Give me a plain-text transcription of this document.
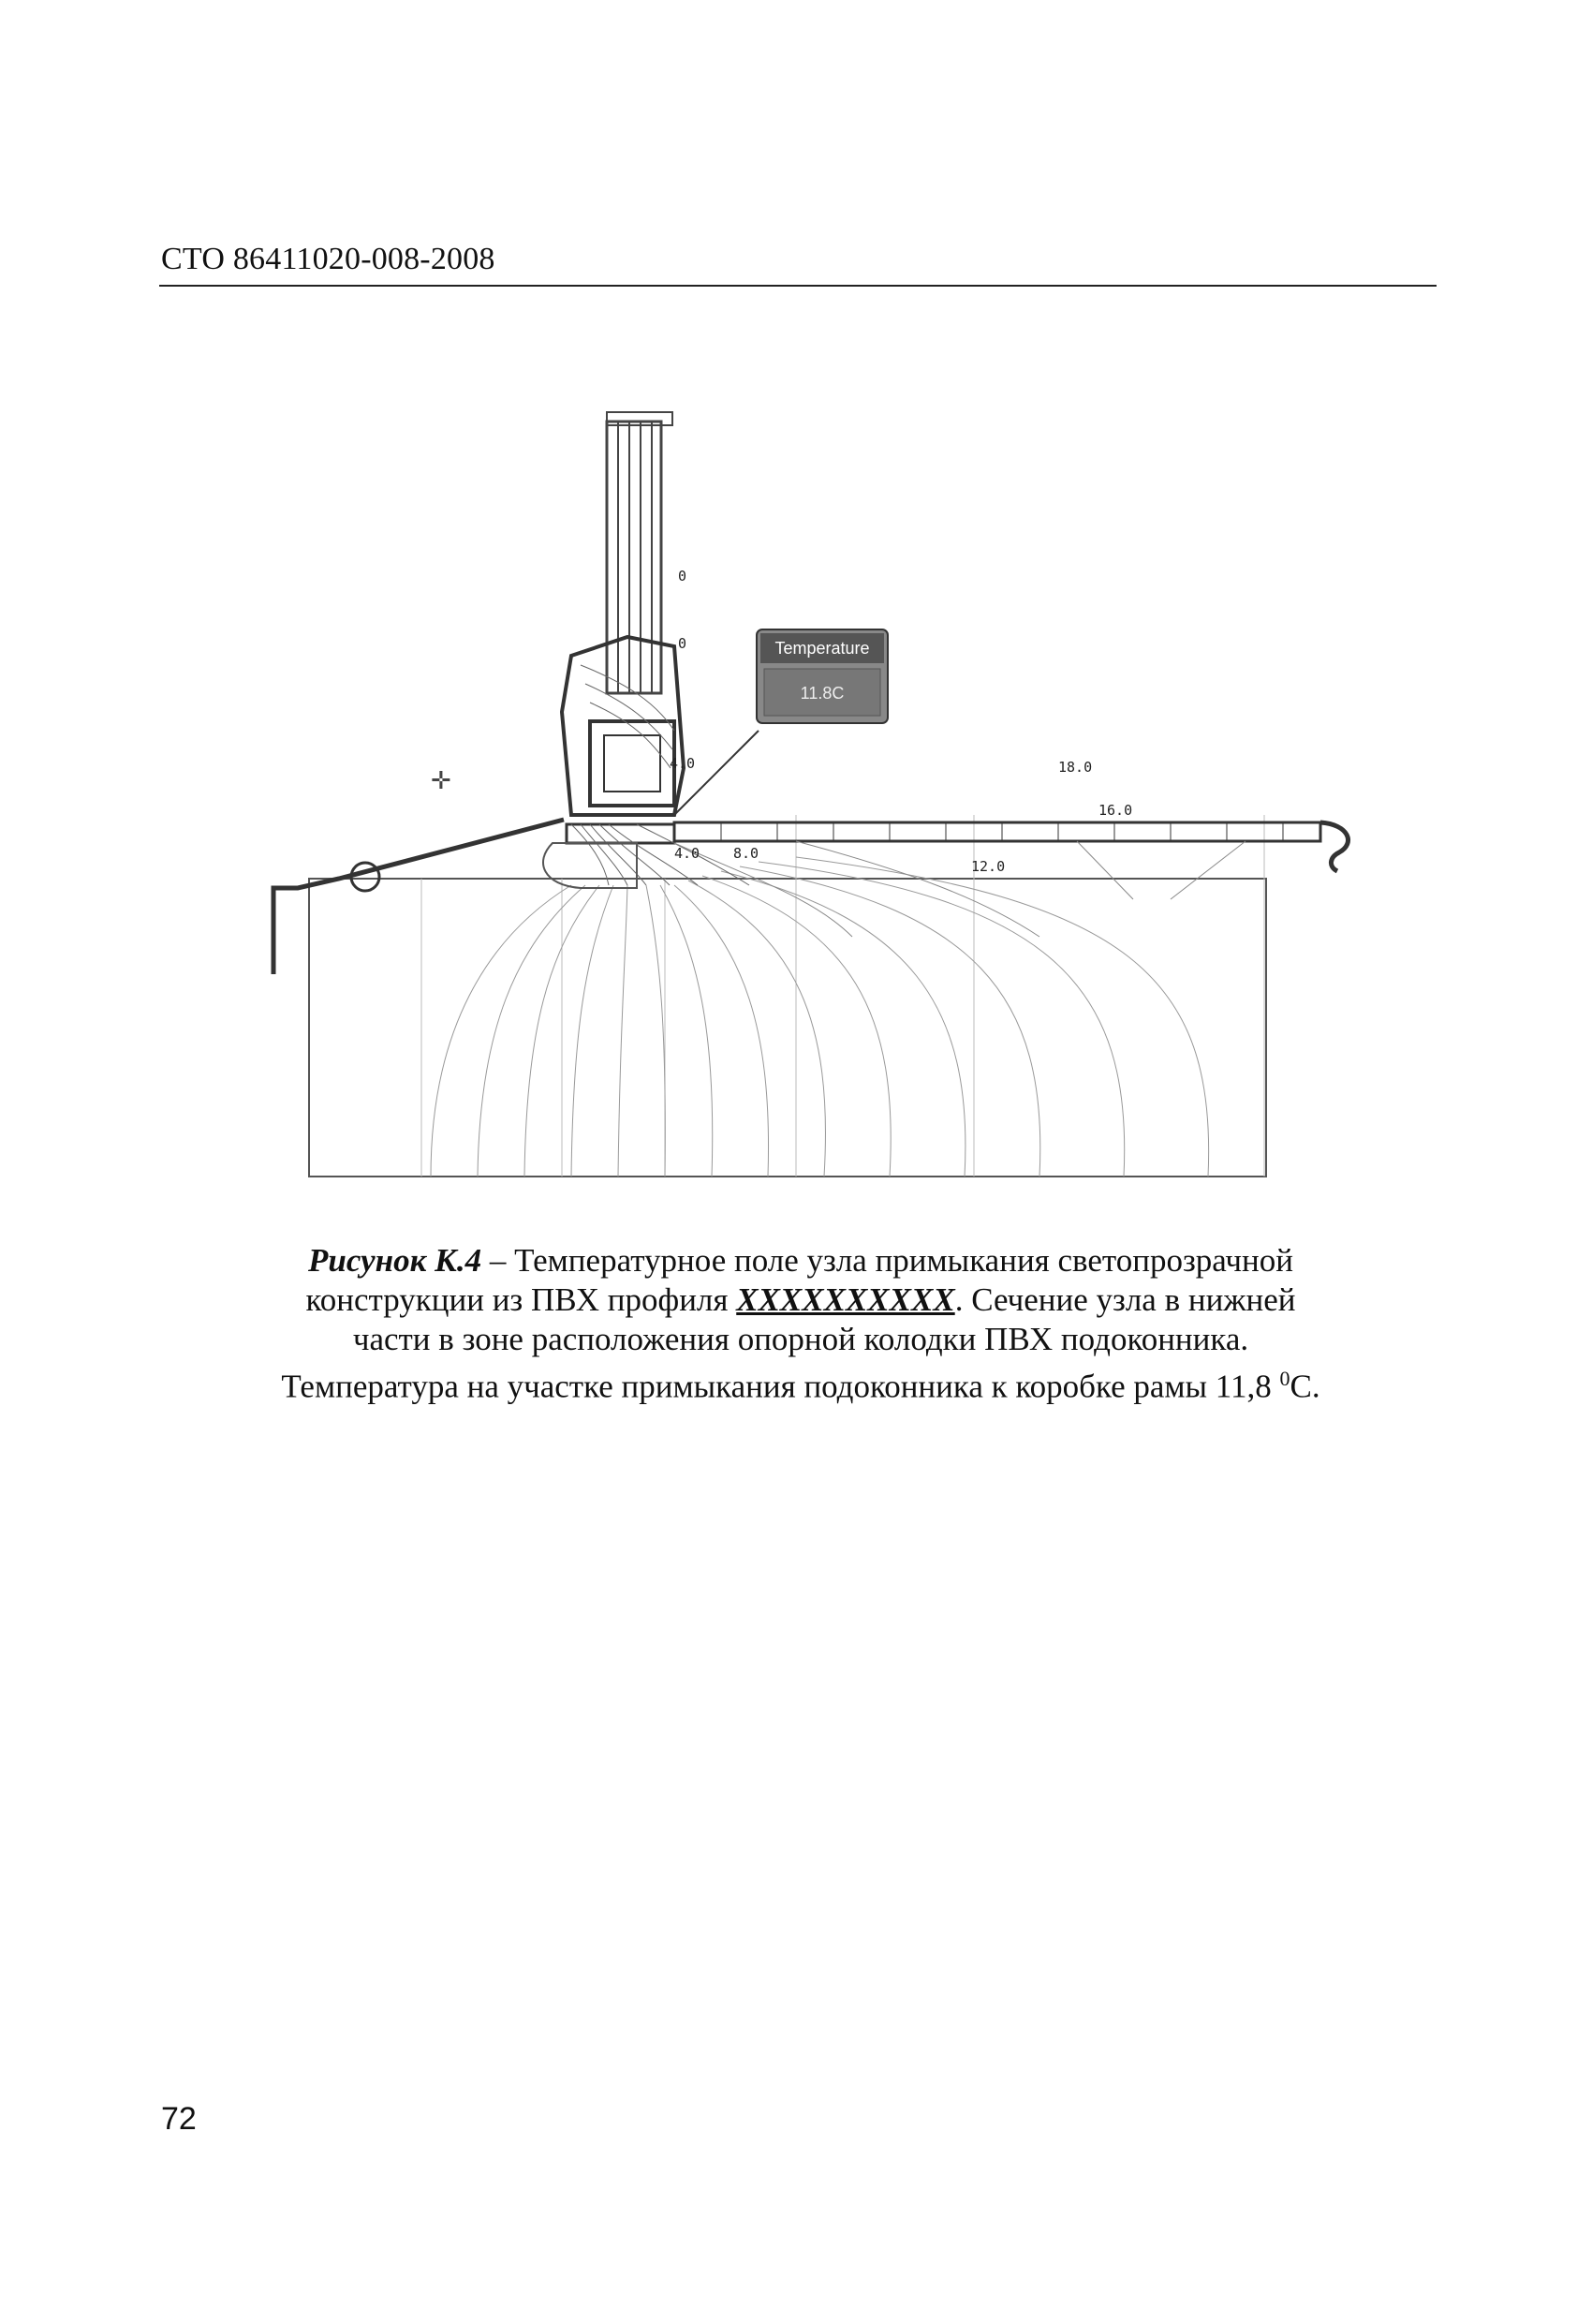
СТО 86411020-008-2008
✛
Temperature
11.8C
0
0
4.0
4.0 8.0
12.0
18.0
16.0
Рисунок К.4 – Температурное поле узла примыкания светопрозрачной
конструкции из ПВХ профиля XXXXXXXXXX. Сечение узла в нижней
части в зоне расположения опорной колодки ПВХ подоконника.
Температура на участке примыкания подоконника к коробке рамы 11,8 $^0$С.
72
